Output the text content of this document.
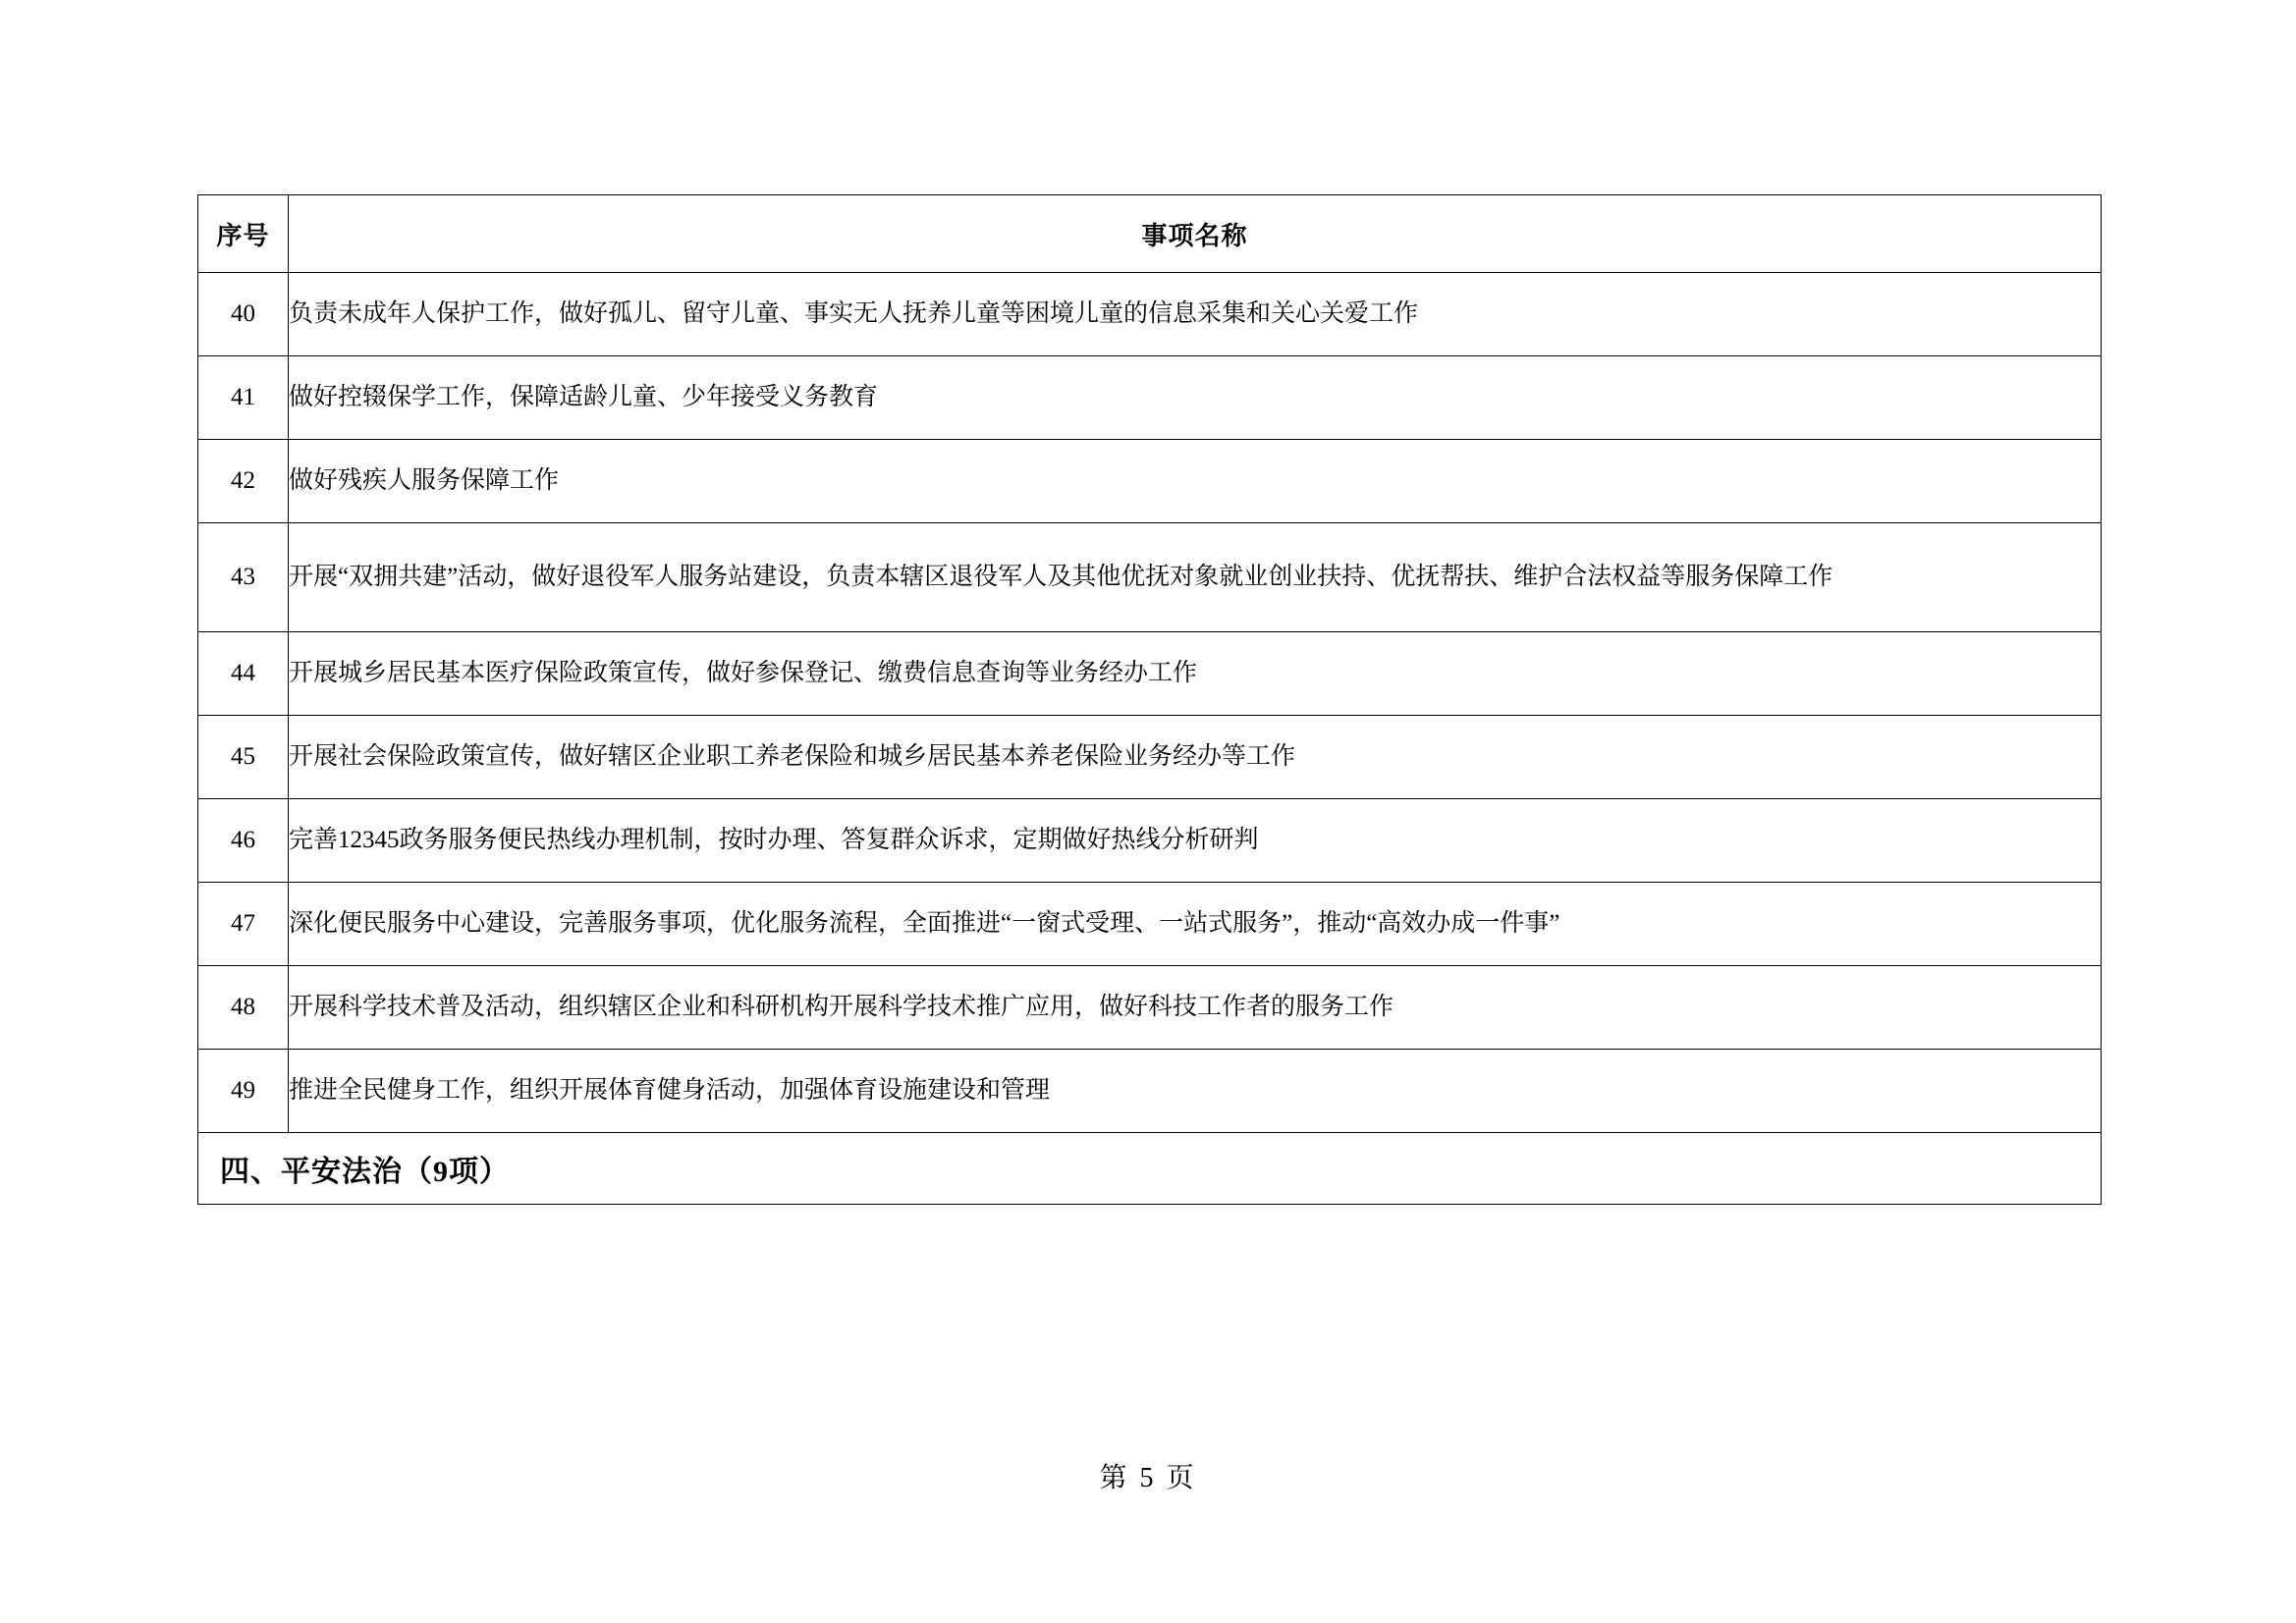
序号	事项名称
40	负责未成年人保护工作，做好孤儿、留守儿童、事实无人抚养儿童等困境儿童的信息采集和关心关爱工作
41	做好控辍保学工作，保障适龄儿童、少年接受义务教育
42	做好残疾人服务保障工作
43	开展“双拥共建”活动，做好退役军人服务站建设，负责本辖区退役军人及其他优抚对象就业创业扶持、优抚帮扶、维护合法权益等服务保障工作
44	开展城乡居民基本医疗保险政策宣传，做好参保登记、缴费信息查询等业务经办工作
45	开展社会保险政策宣传，做好辖区企业职工养老保险和城乡居民基本养老保险业务经办等工作
46	完善12345政务服务便民热线办理机制，按时办理、答复群众诉求，定期做好热线分析研判
47	深化便民服务中心建设，完善服务事项，优化服务流程，全面推进“一窗式受理、一站式服务”，推动“高效办成一件事”
48	开展科学技术普及活动，组织辖区企业和科研机构开展科学技术推广应用，做好科技工作者的服务工作
49	推进全民健身工作，组织开展体育健身活动，加强体育设施建设和管理
四、平安法治（9项）	
第 5 页
